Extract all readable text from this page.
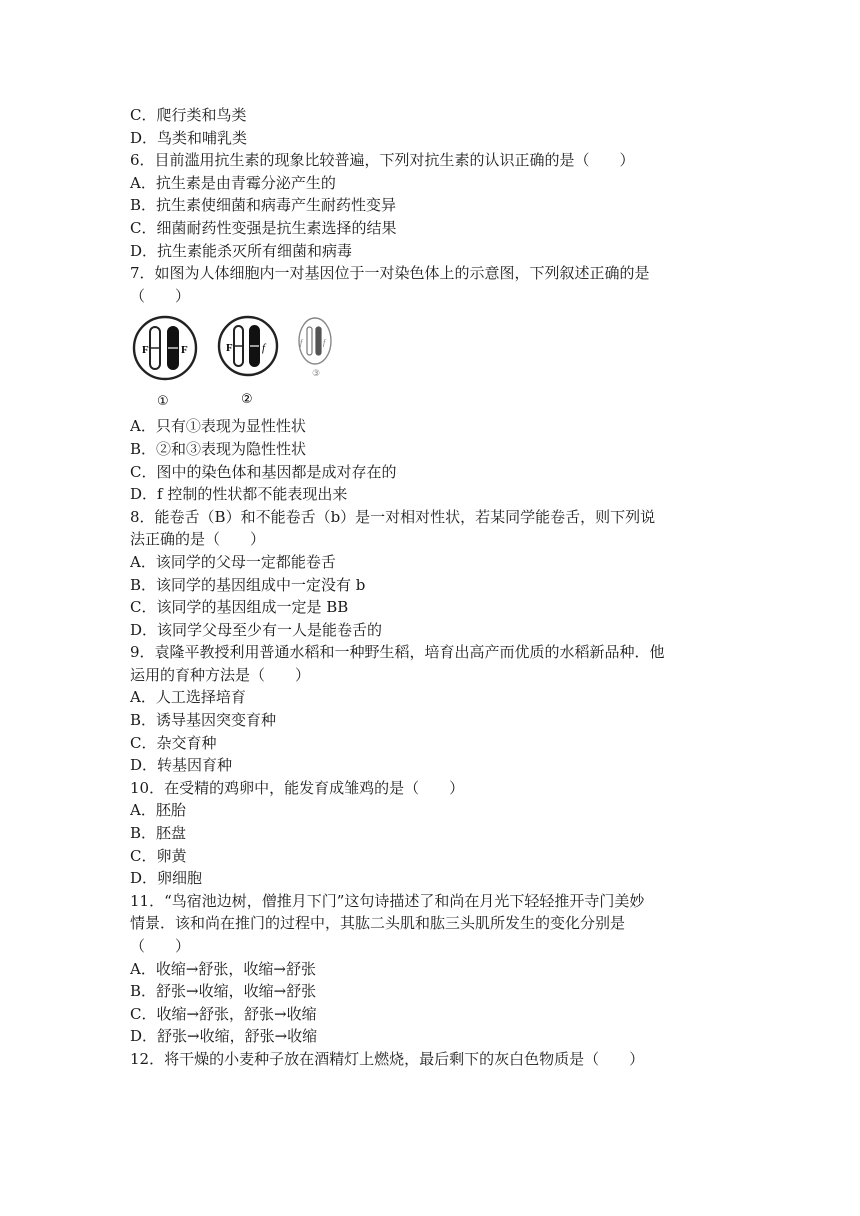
C．爬行类和鸟类
D．鸟类和哺乳类
6．目前滥用抗生素的现象比较普遍，下列对抗生素的认识正确的是（　　）
A．抗生素是由青霉分泌产生的
B．抗生素使细菌和病毒产生耐药性变异
C．细菌耐药性变强是抗生素选择的结果
D．抗生素能杀灭所有细菌和病毒
7．如图为人体细胞内一对基因位于一对染色体上的示意图，下列叙述正确的是
（　　）
F	F
①
F	f
②
f	f
③
A．只有①表现为显性性状
B．②和③表现为隐性性状
C．图中的染色体和基因都是成对存在的
D．f 控制的性状都不能表现出来
8．能卷舌（B）和不能卷舌（b）是一对相对性状，若某同学能卷舌，则下列说
法正确的是（　　）
A．该同学的父母一定都能卷舌
B．该同学的基因组成中一定没有 b
C．该同学的基因组成一定是 BB
D．该同学父母至少有一人是能卷舌的
9．袁隆平教授利用普通水稻和一种野生稻，培育出高产而优质的水稻新品种．他
运用的育种方法是（　　）
A．人工选择培育
B．诱导基因突变育种
C．杂交育种
D．转基因育种
10．在受精的鸡卵中，能发育成雏鸡的是（　　）
A．胚胎
B．胚盘
C．卵黄
D．卵细胞
11．“鸟宿池边树，僧推月下门”这句诗描述了和尚在月光下轻轻推开寺门美妙
情景．该和尚在推门的过程中，其肱二头肌和肱三头肌所发生的变化分别是
（　　）
A．收缩→舒张，收缩→舒张
B．舒张→收缩，收缩→舒张
C．收缩→舒张，舒张→收缩
D．舒张→收缩，舒张→收缩
12．将干燥的小麦种子放在酒精灯上燃烧，最后剩下的灰白色物质是（　　）
